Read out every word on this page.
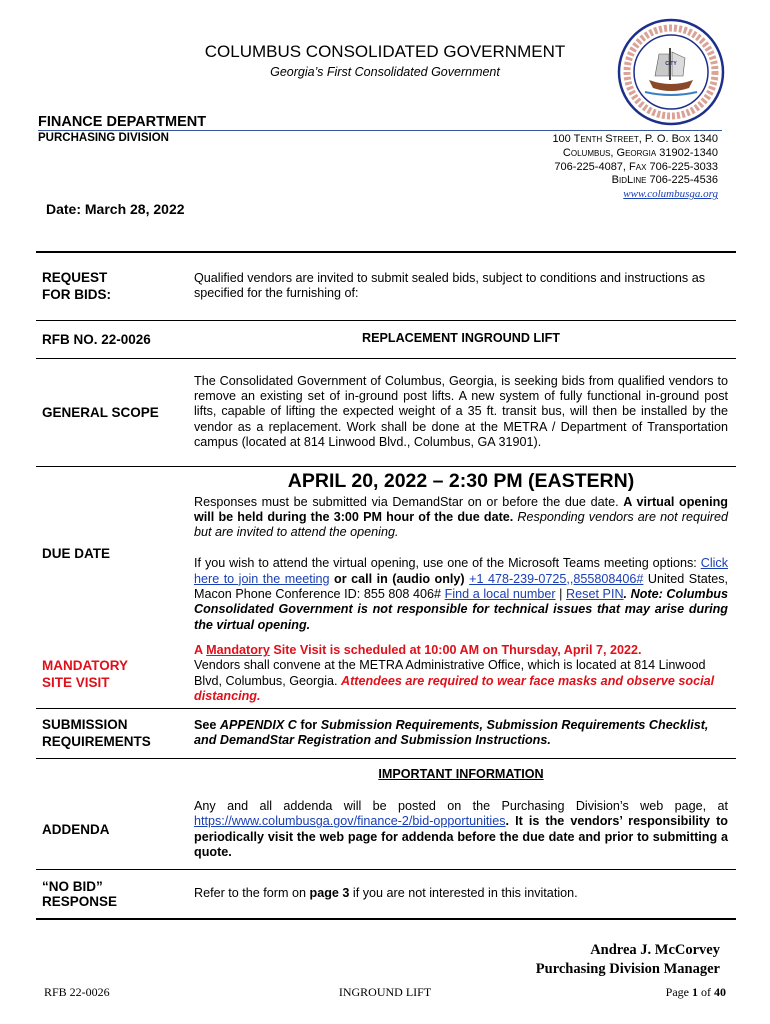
COLUMBUS CONSOLIDATED GOVERNMENT
Georgia’s First Consolidated Government
CITY
FINANCE DEPARTMENT
PURCHASING DIVISION	100 Tenth Street, P. O. Box 1340
Columbus, Georgia 31902-1340
706-225-4087, Fax 706-225-3033
BidLine 706-225-4536
www.columbusga.org
Date: March 28, 2022
REQUEST
FOR BIDS:	Qualified vendors are invited to submit sealed bids, subject to conditions and instructions as specified for the furnishing of:
RFB NO. 22-0026	REPLACEMENT INGROUND LIFT
GENERAL SCOPE	The Consolidated Government of Columbus, Georgia, is seeking bids from qualified vendors to remove an existing set of in-ground post lifts. A new system of fully functional in-ground post lifts, capable of lifting the expected weight of a 35 ft. transit bus, will then be installed by the vendor as a replacement. Work shall be done at the METRA / Department of Transportation campus (located at 814 Linwood Blvd., Columbus, GA 31901).
DUE DATE	APRIL 20, 2022 – 2:30 PM (EASTERN)
Responses must be submitted via DemandStar on or before the due date. A virtual opening will be held during the 3:00 PM hour of the due date. Responding vendors are not required but are invited to attend the opening.
If you wish to attend the virtual opening, use one of the Microsoft Teams meeting options: Click here to join the meeting or call in (audio only) +1 478-239-0725,,855808406# United States, Macon Phone Conference ID: 855 808 406# Find a local number | Reset PIN. Note: Columbus Consolidated Government is not responsible for technical issues that may arise during the virtual opening.

MANDATORY
SITE VISIT	A Mandatory Site Visit is scheduled at 10:00 AM on Thursday, April 7, 2022.
Vendors shall convene at the METRA Administrative Office, which is located at 814 Linwood Blvd, Columbus, Georgia. Attendees are required to wear face masks and observe social distancing.
SUBMISSION
REQUIREMENTS	See APPENDIX C for Submission Requirements, Submission Requirements Checklist, and DemandStar Registration and Submission Instructions.
	IMPORTANT INFORMATION
ADDENDA	Any and all addenda will be posted on the Purchasing Division’s web page, at https://www.columbusga.gov/finance-2/bid-opportunities. It is the vendors’ responsibility to periodically visit the web page for addenda before the due date and prior to submitting a quote.
“NO BID”
RESPONSE	Refer to the form on page 3 if you are not interested in this invitation.
Andrea J. McCorvey
Purchasing Division Manager
RFB 22-0026	INGROUND LIFT	Page 1 of 40
